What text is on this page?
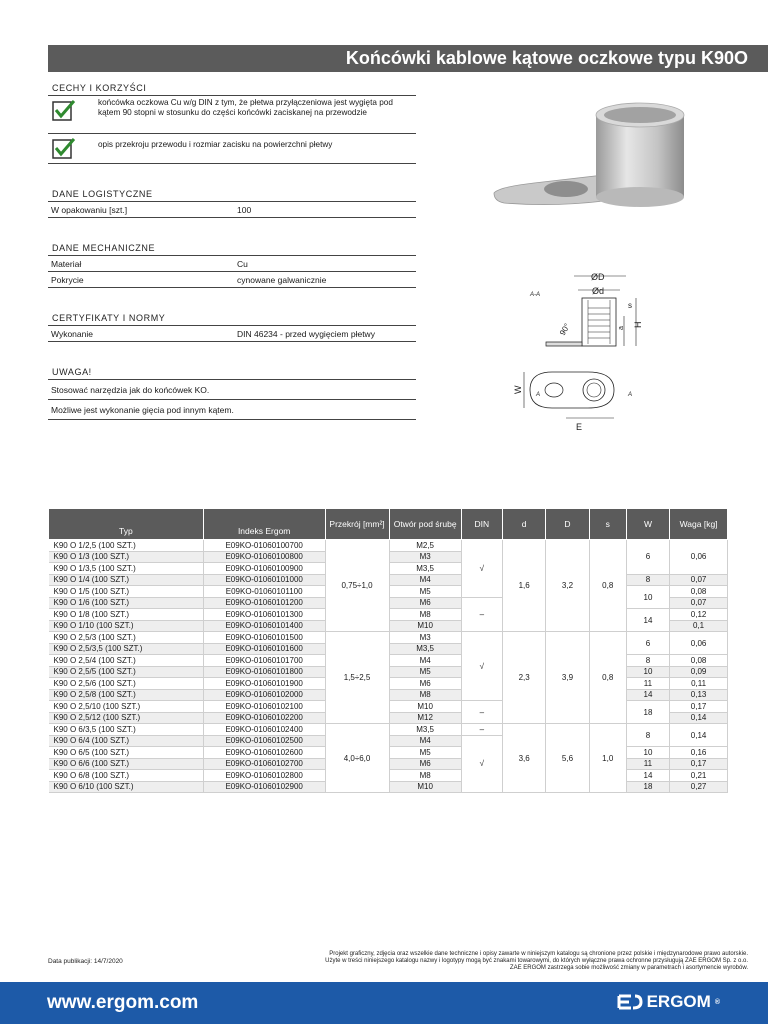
Końcówki kablowe kątowe oczkowe typu K90O
CECHY I KORZYŚCI
końcówka oczkowa Cu w/g DIN z tym, że płetwa przyłączeniowa jest wygięta pod kątem 90 stopni w stosunku do części końcówki zaciskanej na przewodzie
opis przekroju przewodu i rozmiar zacisku na powierzchni płetwy
DANE LOGISTYCZNE
W opakowaniu [szt.]	100
DANE MECHANICZNE
Materiał	Cu
Pokrycie	cynowane galwanicznie
CERTYFIKATY I NORMY
Wykonanie	DIN 46234 - przed wygięciem płetwy
UWAGA!
Stosować narzędzia jak do końcówek KO.
Możliwe jest wykonanie gięcia pod innym kątem.
A-A
ØD
Ød
s
H
a
90°
W
E
A	A
Typ	Indeks Ergom	Przekrój [mm²]	Otwór pod śrubę	DIN	d	D	s	W	Waga [kg]
K90 O 1/2,5 (100 SZT.)	E09KO-01060100700	0,75÷1,0	M2,5	√	1,6	3,2	0,8	6	0,06
K90 O 1/3 (100 SZT.)	E09KO-01060100800		M3						
K90 O 1/3,5 (100 SZT.)	E09KO-01060100900		M3,5						
K90 O 1/4 (100 SZT.)	E09KO-01060101000		M4					8	0,07
K90 O 1/5 (100 SZT.)	E09KO-01060101100		M5					10	0,08
K90 O 1/6 (100 SZT.)	E09KO-01060101200		M6	–					0,07
K90 O 1/8 (100 SZT.)	E09KO-01060101300		M8					14	0,12
K90 O 1/10 (100 SZT.)	E09KO-01060101400		M10						0,1
K90 O 2,5/3 (100 SZT.)	E09KO-01060101500	1,5÷2,5	M3	√	2,3	3,9	0,8	6	0,06
K90 O 2,5/3,5 (100 SZT.)	E09KO-01060101600		M3,5						
K90 O 2,5/4 (100 SZT.)	E09KO-01060101700		M4					8	0,08
K90 O 2,5/5 (100 SZT.)	E09KO-01060101800		M5					10	0,09
K90 O 2,5/6 (100 SZT.)	E09KO-01060101900		M6					11	0,11
K90 O 2,5/8 (100 SZT.)	E09KO-01060102000		M8					14	0,13
K90 O 2,5/10 (100 SZT.)	E09KO-01060102100		M10	–				18	0,17
K90 O 2,5/12 (100 SZT.)	E09KO-01060102200		M12						0,14
K90 O 6/3,5 (100 SZT.)	E09KO-01060102400	4,0÷6,0	M3,5	–	3,6	5,6	1,0	8	0,14
K90 O 6/4 (100 SZT.)	E09KO-01060102500		M4	√					
K90 O 6/5 (100 SZT.)	E09KO-01060102600		M5					10	0,16
K90 O 6/6 (100 SZT.)	E09KO-01060102700		M6					11	0,17
K90 O 6/8 (100 SZT.)	E09KO-01060102800		M8					14	0,21
K90 O 6/10 (100 SZT.)	E09KO-01060102900		M10					18	0,27
Data publikacji: 14/7/2020
Projekt graficzny, zdjęcia oraz wszelkie dane techniczne i opisy zawarte w niniejszym katalogu są chronione przez polskie i międzynarodowe prawo autorskie.
Użyte w treści niniejszego katalogu nazwy i logotypy mogą być znakami towarowymi, do których wyłączne prawa ochronne przysługują ZAE ERGOM Sp. z o.o.
ZAE ERGOM zastrzega sobie możliwość zmiany w parametrach i asortymencie wyrobów.
www.ergom.com	ERGOM ®
